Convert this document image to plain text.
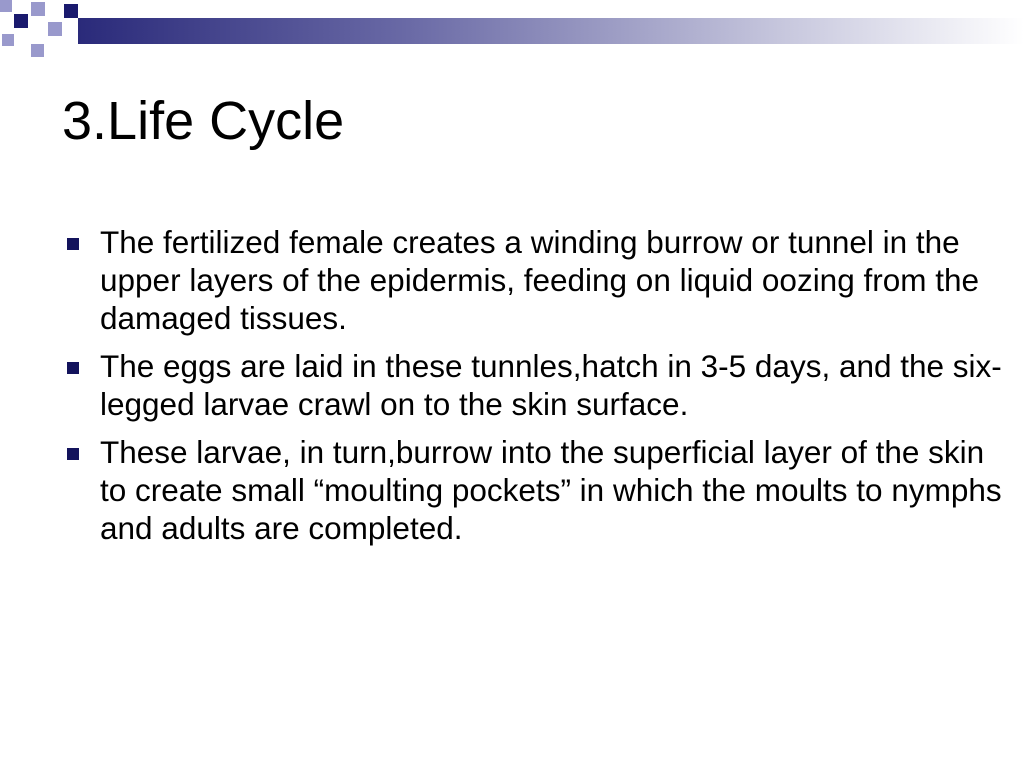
3.Life Cycle
The fertilized female creates a winding burrow or tunnel in the upper layers of the epidermis, feeding on liquid oozing from the damaged tissues.
The eggs are laid in these tunnles,hatch in 3-5 days, and the six-legged larvae crawl on to the skin surface.
These larvae, in turn,burrow into the superficial layer of the skin to create small “moulting pockets” in which the moults to nymphs and adults are completed.
